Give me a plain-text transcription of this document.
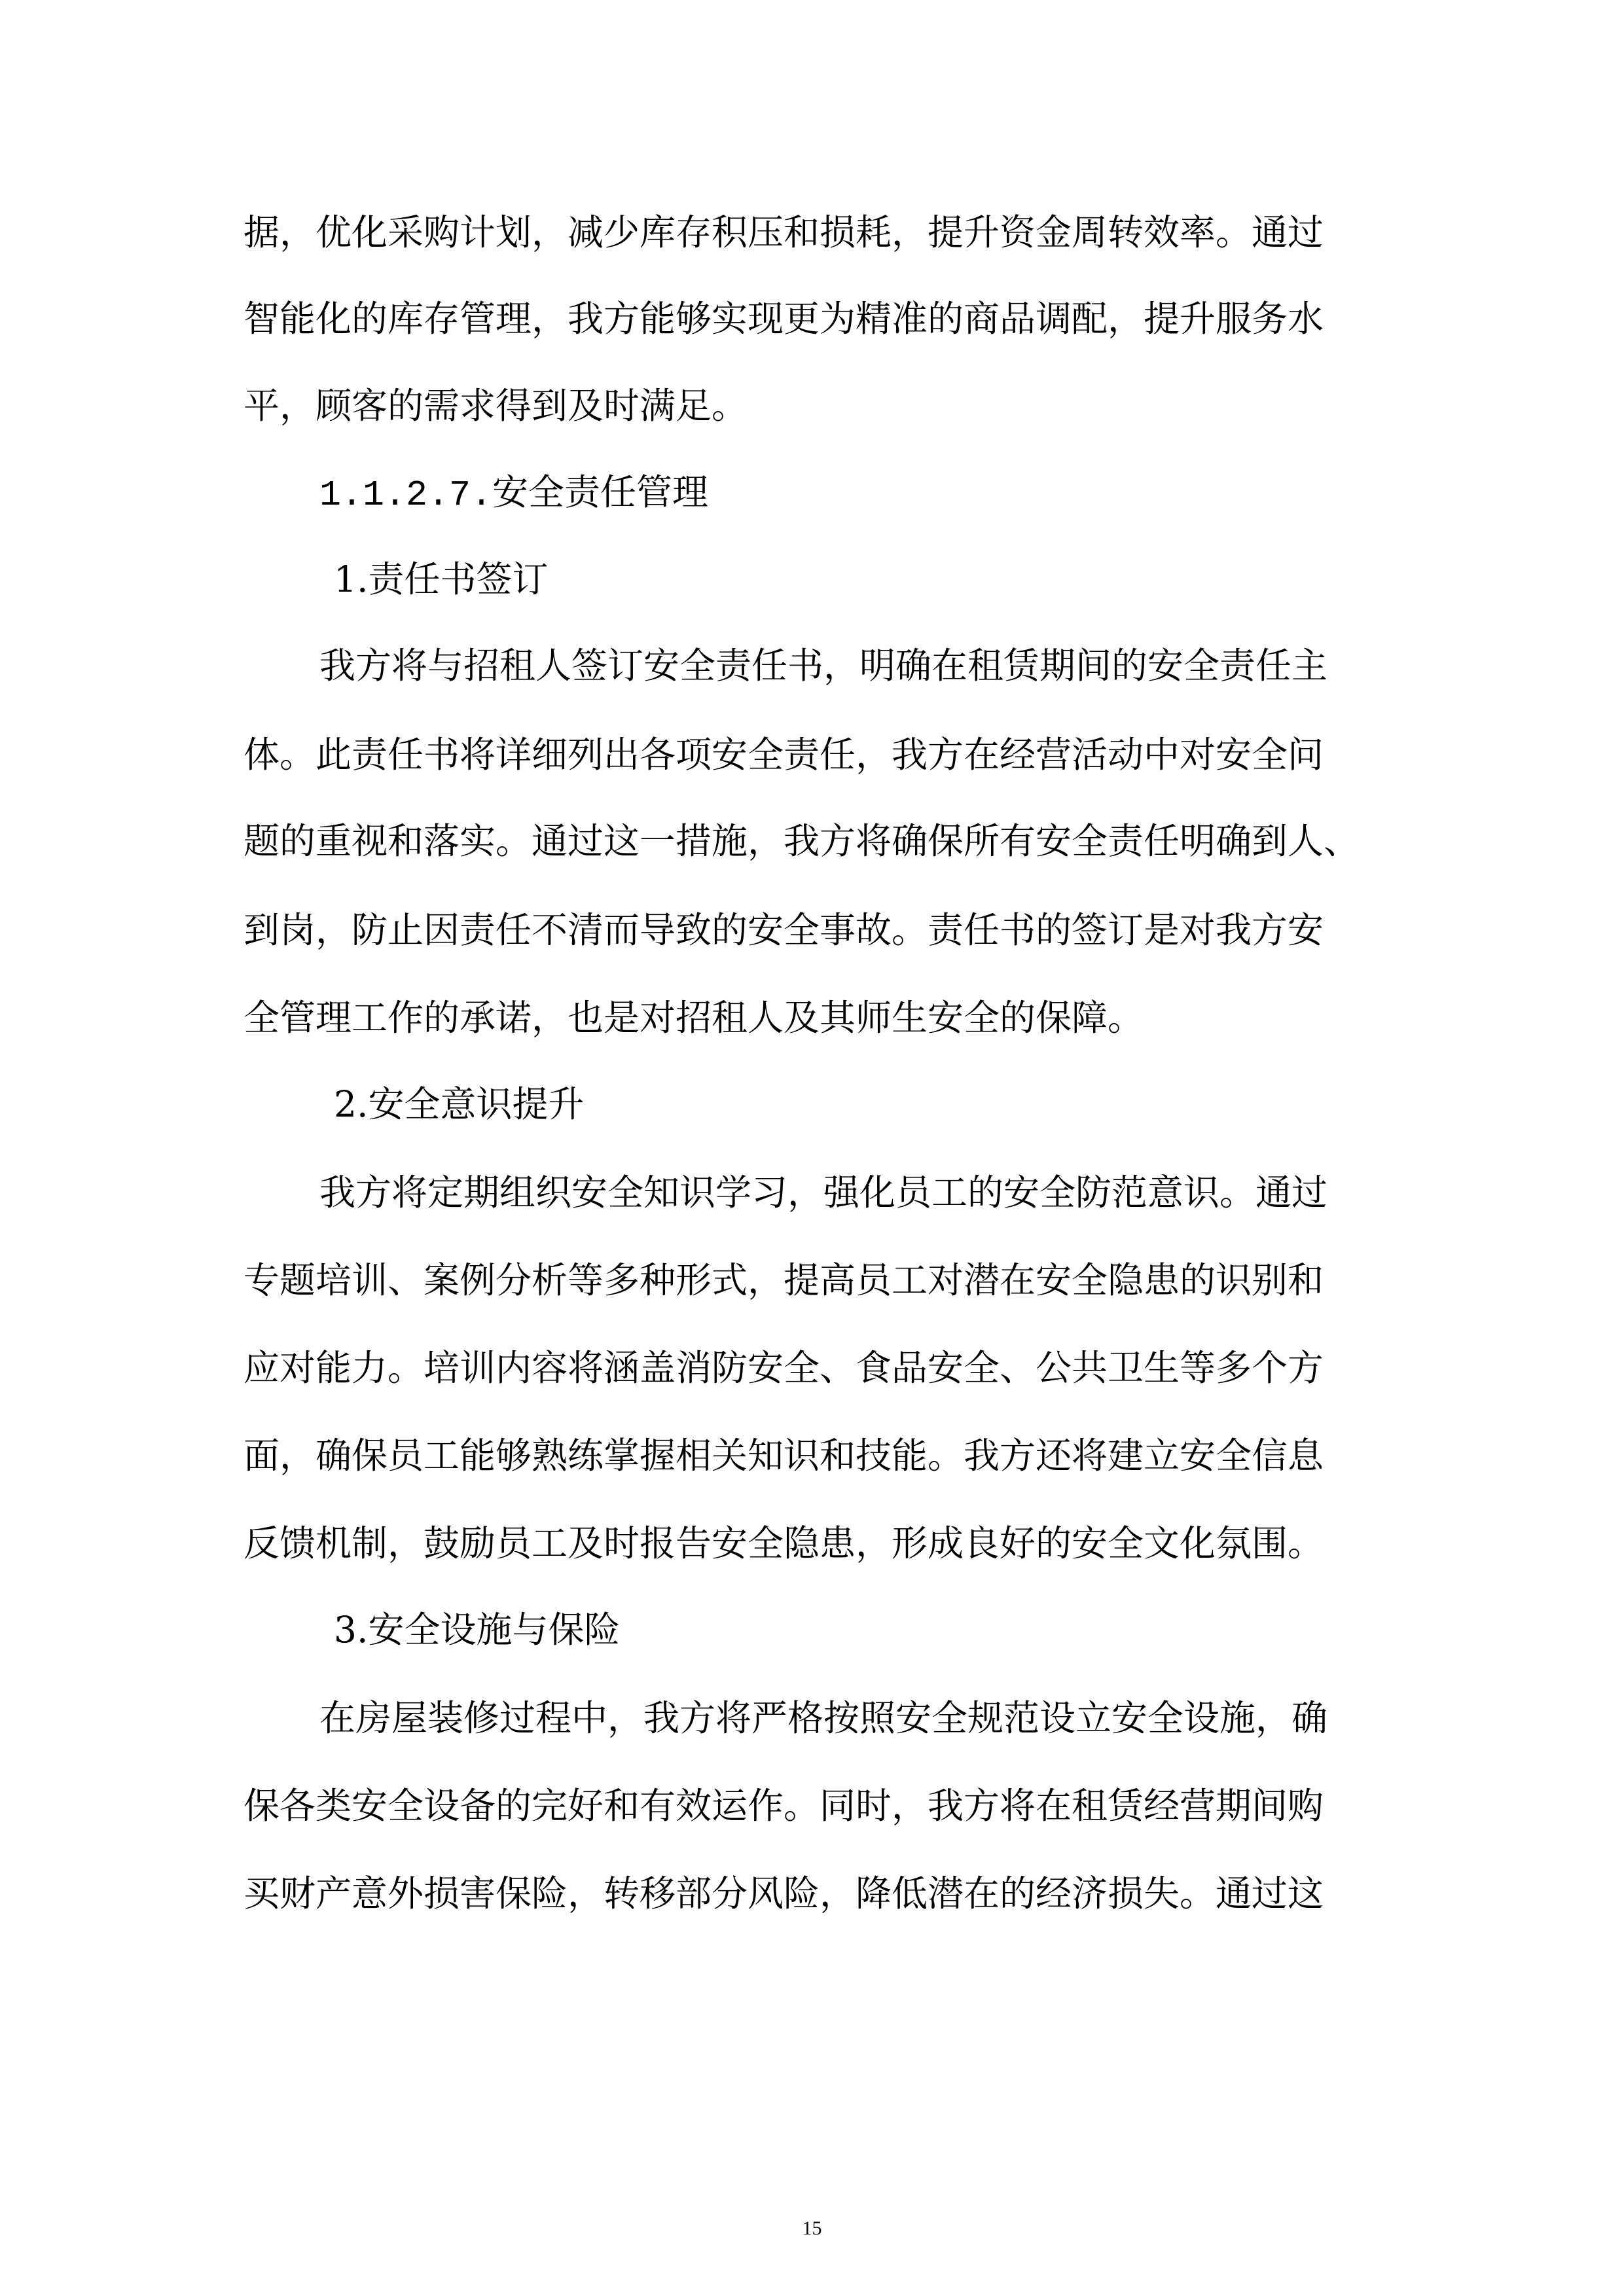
据，优化采购计划，减少库存积压和损耗，提升资金周转效率。通过

智能化的库存管理，我方能够实现更为精准的商品调配，提升服务水

平，顾客的需求得到及时满足。

1.1.2.7.安全责任管理

1.责任书签订

我方将与招租人签订安全责任书，明确在租赁期间的安全责任主

体。此责任书将详细列出各项安全责任，我方在经营活动中对安全问

题的重视和落实。通过这一措施，我方将确保所有安全责任明确到人、

到岗，防止因责任不清而导致的安全事故。责任书的签订是对我方安

全管理工作的承诺，也是对招租人及其师生安全的保障。

2.安全意识提升

我方将定期组织安全知识学习，强化员工的安全防范意识。通过

专题培训、案例分析等多种形式，提高员工对潜在安全隐患的识别和

应对能力。培训内容将涵盖消防安全、食品安全、公共卫生等多个方

面，确保员工能够熟练掌握相关知识和技能。我方还将建立安全信息

反馈机制，鼓励员工及时报告安全隐患，形成良好的安全文化氛围。

3.安全设施与保险

在房屋装修过程中，我方将严格按照安全规范设立安全设施，确

保各类安全设备的完好和有效运作。同时，我方将在租赁经营期间购

买财产意外损害保险，转移部分风险，降低潜在的经济损失。通过这

15
